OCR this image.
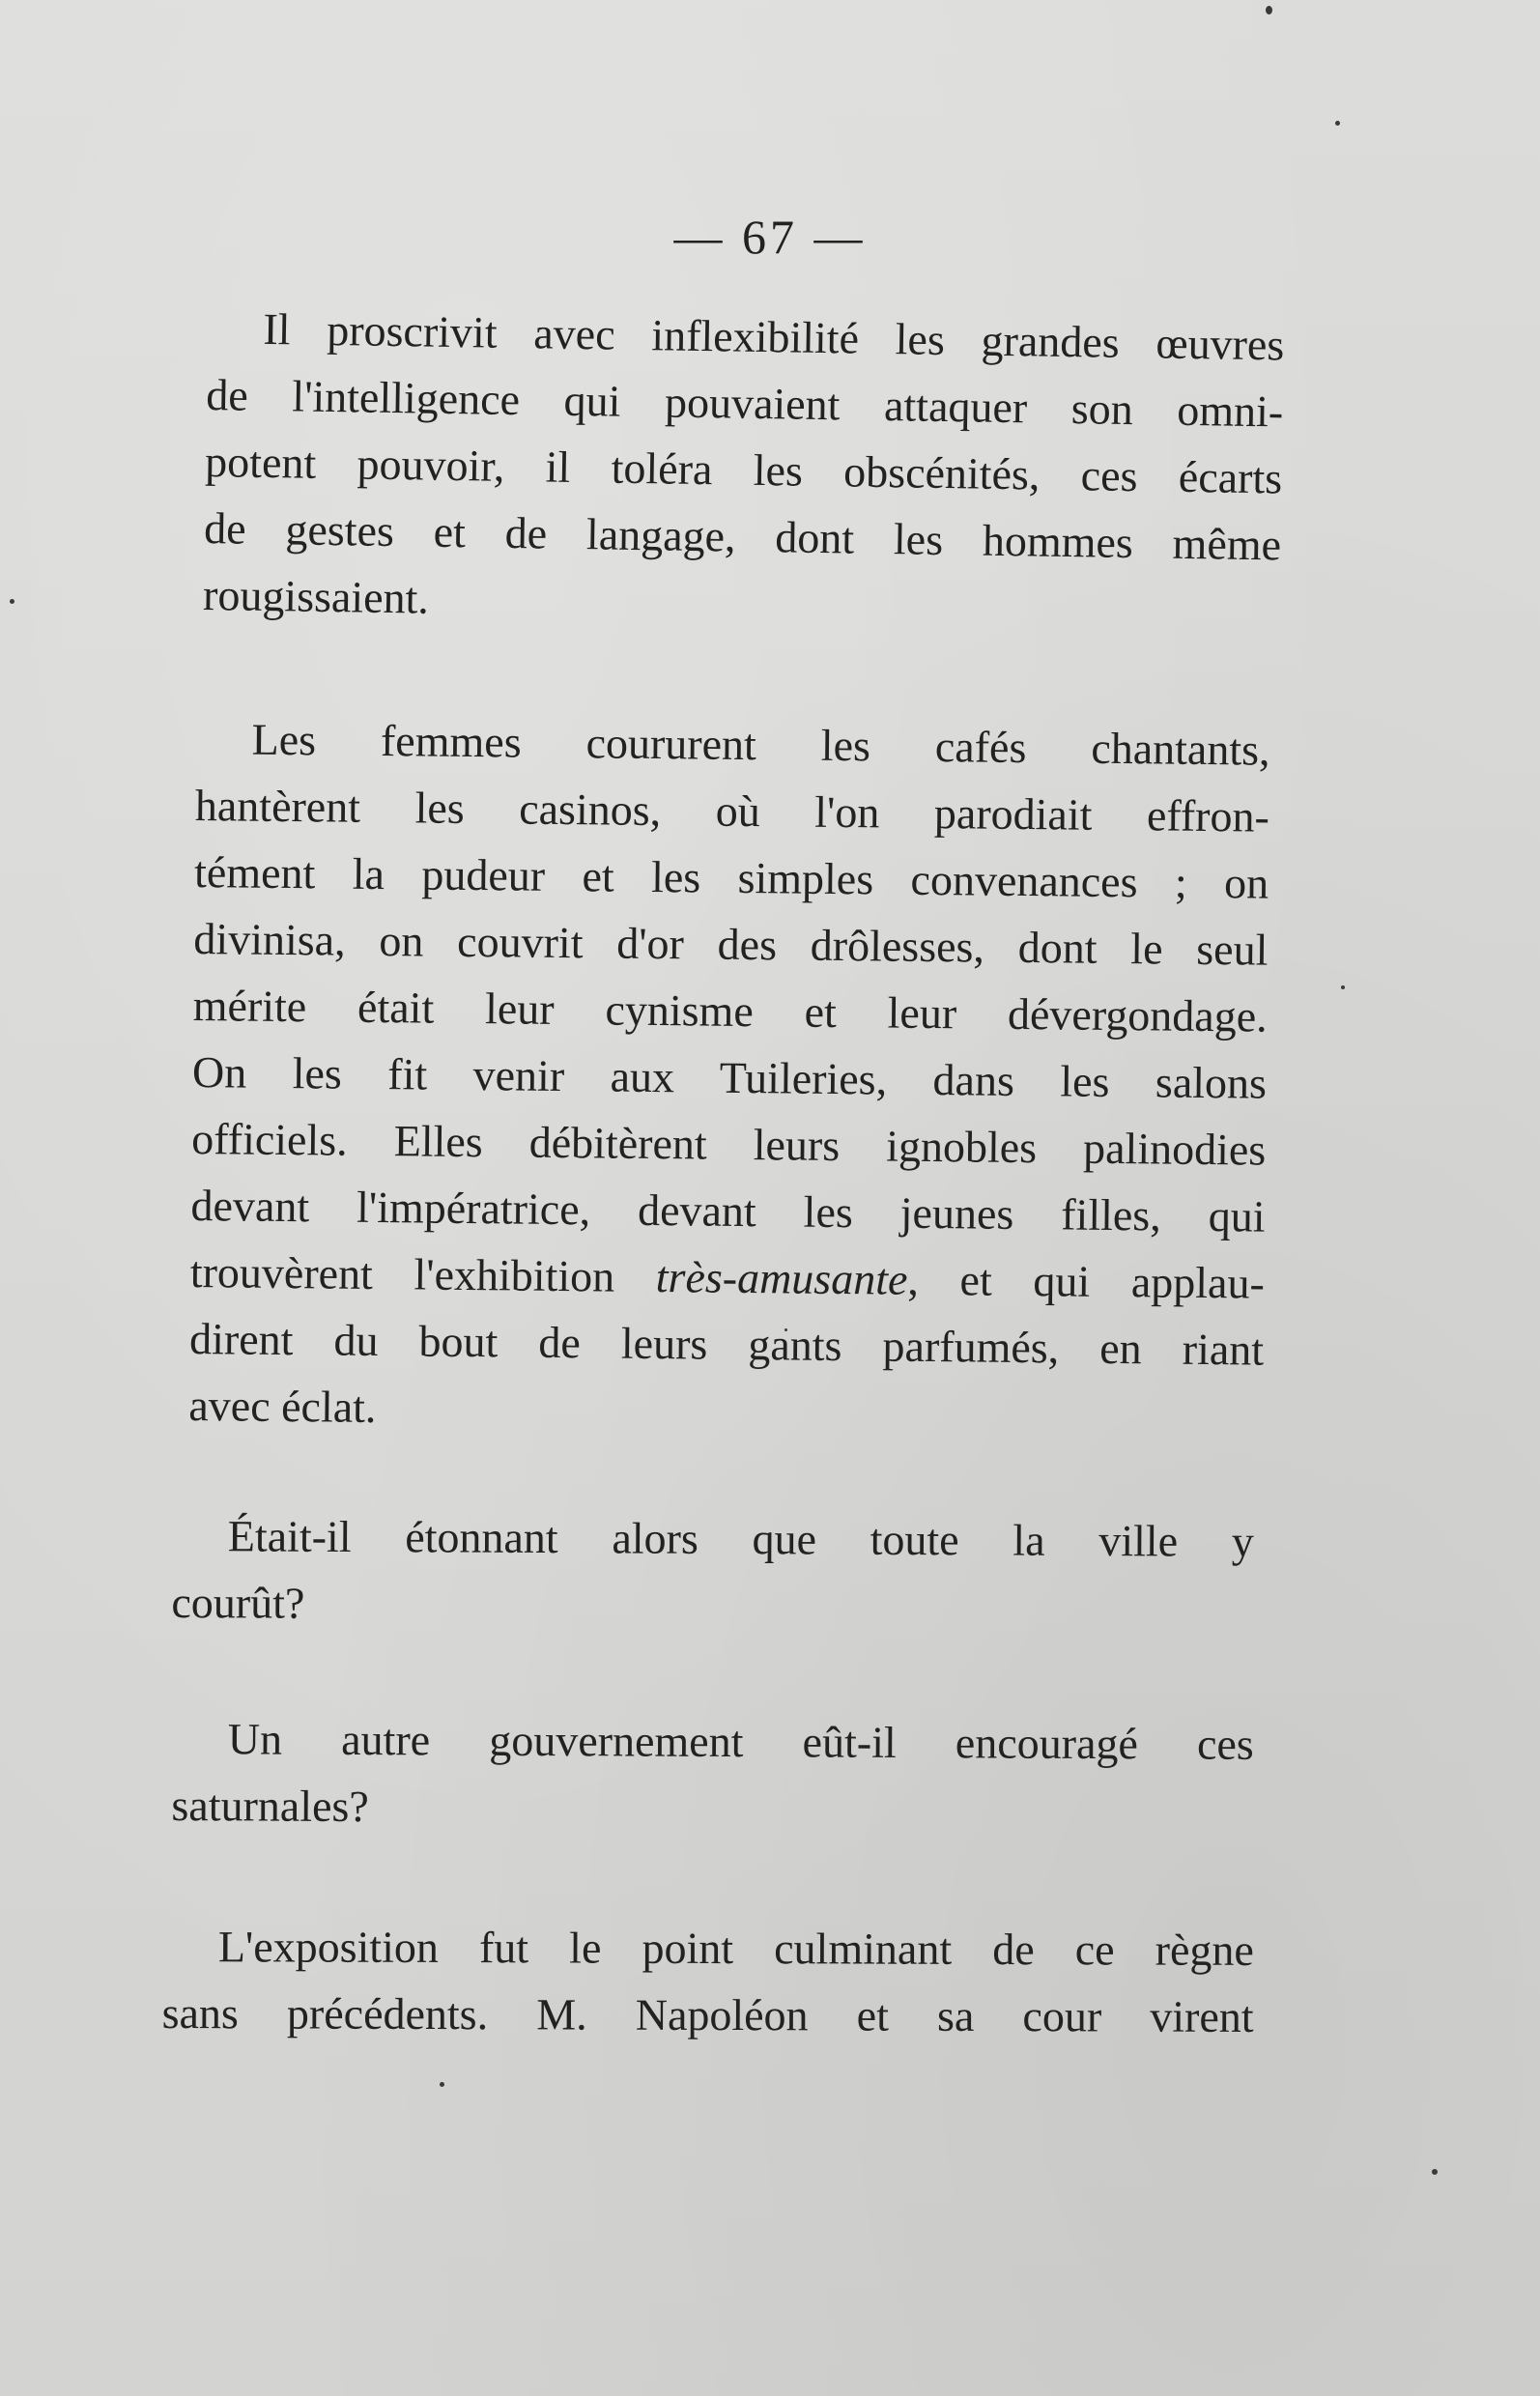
— 67 —

Il proscrivit avec inflexibilité les grandes œuvres
de l'intelligence qui pouvaient attaquer son omni-
potent pouvoir, il toléra les obscénités, ces écarts
de gestes et de langage, dont les hommes même
rougissaient.

Les femmes coururent les cafés chantants,
hantèrent les casinos, où l'on parodiait effron-
tément la pudeur et les simples convenances ; on
divinisa, on couvrit d'or des drôlesses, dont le seul
mérite était leur cynisme et leur dévergondage.
On les fit venir aux Tuileries, dans les salons
officiels. Elles débitèrent leurs ignobles palinodies
devant l'impératrice, devant les jeunes filles, qui
trouvèrent l'exhibition très-amusante, et qui applau-
dirent du bout de leurs gants parfumés, en riant
avec éclat.

Était-il étonnant alors que toute la ville y
courût?

Un autre gouvernement eût-il encouragé ces
saturnales?

L'exposition fut le point culminant de ce règne
sans précédents. M. Napoléon et sa cour virent
